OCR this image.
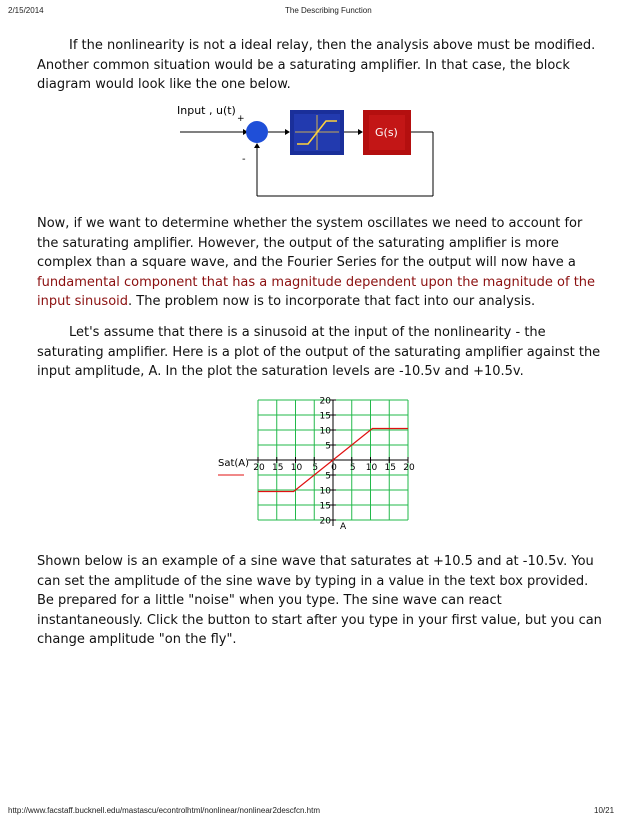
2/15/2014	The Describing Function

If the nonlinearity is not a ideal relay, then the analysis above must be modified. Another common situation would be a saturating amplifier. In that case, the block diagram would look like the one below.

Input , u(t)
+
G(s)
-

Now, if we want to determine whether the system oscillates we need to account for the saturating amplifier. However, the output of the saturating amplifier is more complex than a square wave, and the Fourier Series for the output will now have a fundamental component that has a magnitude dependent upon the magnitude of the input sinusoid. The problem now is to incorporate that fact into our analysis.

Let's assume that there is a sinusoid at the input of the nonlinearity - the saturating amplifier. Here is a plot of the output of the saturating amplifier against the input amplitude, A. In the plot the saturation levels are -10.5v and +10.5v.

20 15 10 5 0 5 10 15 20
20
15
10
5
5
10
15
20
Sat(A)
A

Shown below is an example of a sine wave that saturates at +10.5 and at -10.5v. You can set the amplitude of the sine wave by typing in a value in the text box provided. Be prepared for a little "noise" when you type. The sine wave can react instantaneously. Click the button to start after you type in your first value, but you can change amplitude "on the fly".

http://www.facstaff.bucknell.edu/mastascu/econtrolhtml/nonlinear/nonlinear2descfcn.htm	10/21
